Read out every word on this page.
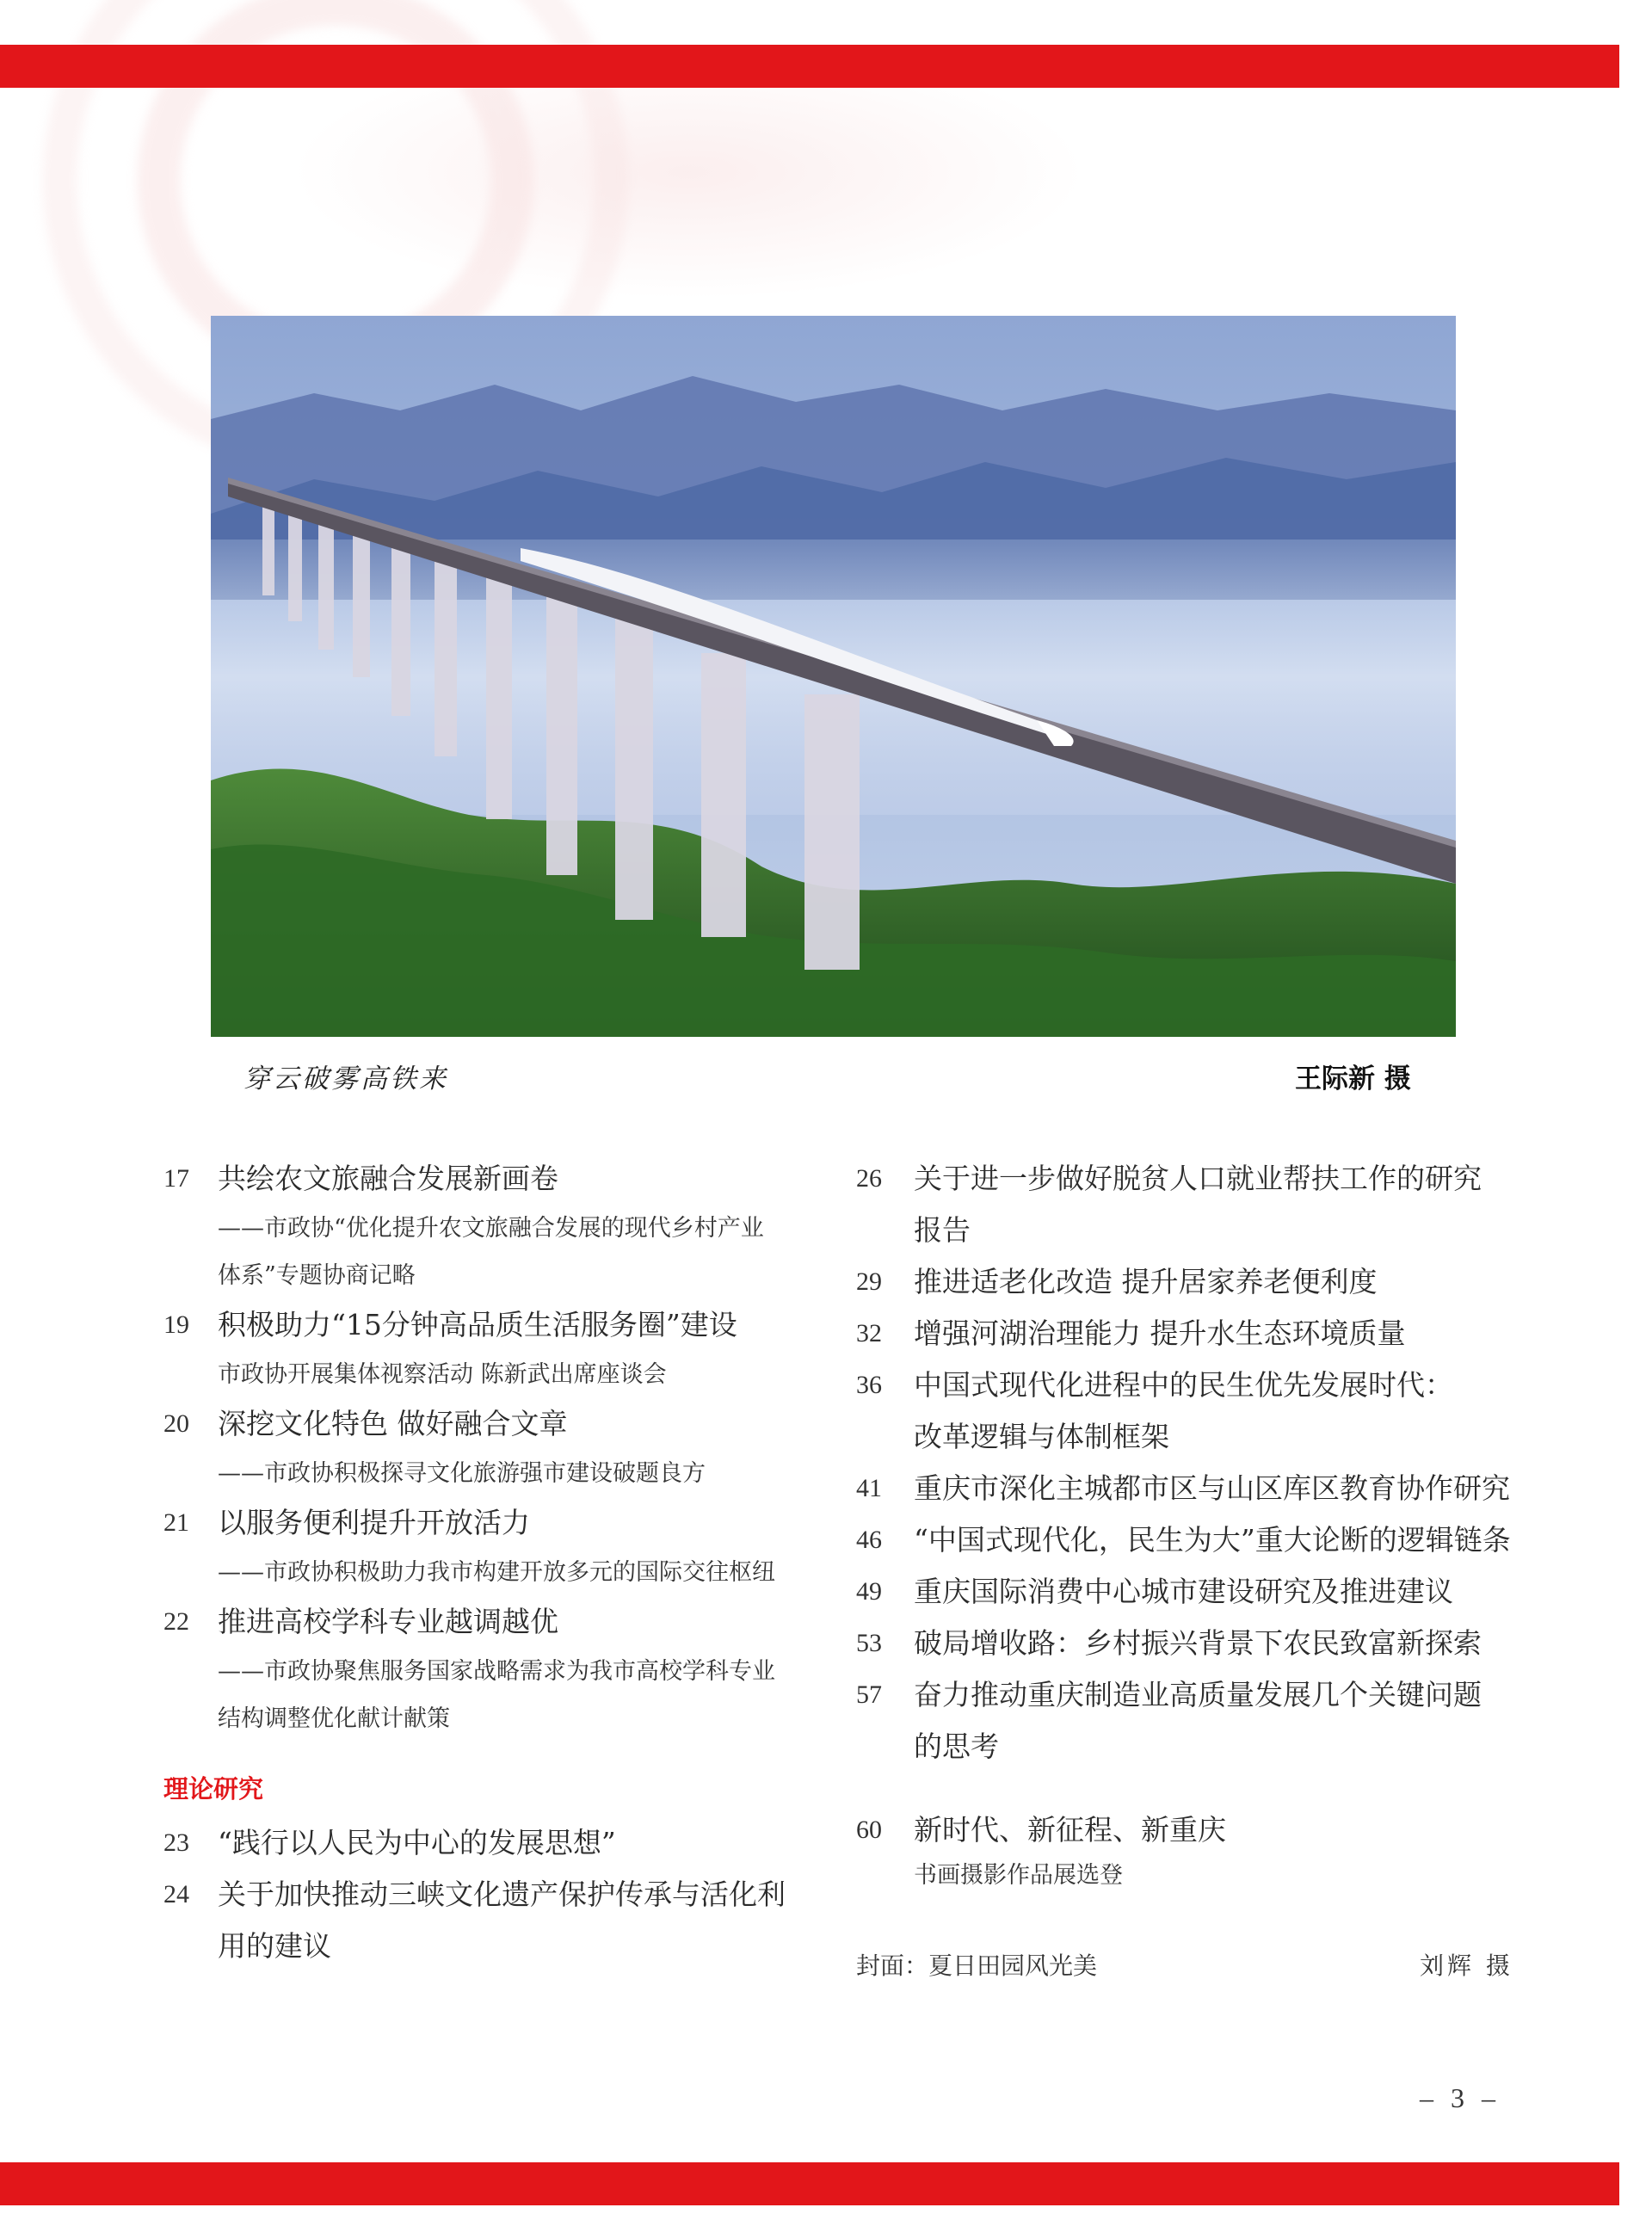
穿云破雾高铁来	王际新 摄
17	共绘农文旅融合发展新画卷
——市政协“优化提升农文旅融合发展的现代乡村产业
体系”专题协商记略
19	积极助力“15分钟高品质生活服务圈”建设
市政协开展集体视察活动 陈新武出席座谈会
20	深挖文化特色 做好融合文章
——市政协积极探寻文化旅游强市建设破题良方
21	以服务便利提升开放活力
——市政协积极助力我市构建开放多元的国际交往枢纽
22	推进高校学科专业越调越优
——市政协聚焦服务国家战略需求为我市高校学科专业
结构调整优化献计献策
理论研究
23	“践行以人民为中心的发展思想”
24	关于加快推动三峡文化遗产保护传承与活化利
用的建议
26	关于进一步做好脱贫人口就业帮扶工作的研究
报告
29	推进适老化改造 提升居家养老便利度
32	增强河湖治理能力 提升水生态环境质量
36	中国式现代化进程中的民生优先发展时代：
改革逻辑与体制框架
41	重庆市深化主城都市区与山区库区教育协作研究
46	“中国式现代化，民生为大”重大论断的逻辑链条
49	重庆国际消费中心城市建设研究及推进建议
53	破局增收路：乡村振兴背景下农民致富新探索
57	奋力推动重庆制造业高质量发展几个关键问题
的思考
60	新时代、新征程、新重庆
书画摄影作品展选登
封面：夏日田园风光美	刘辉 摄
– 3 –
